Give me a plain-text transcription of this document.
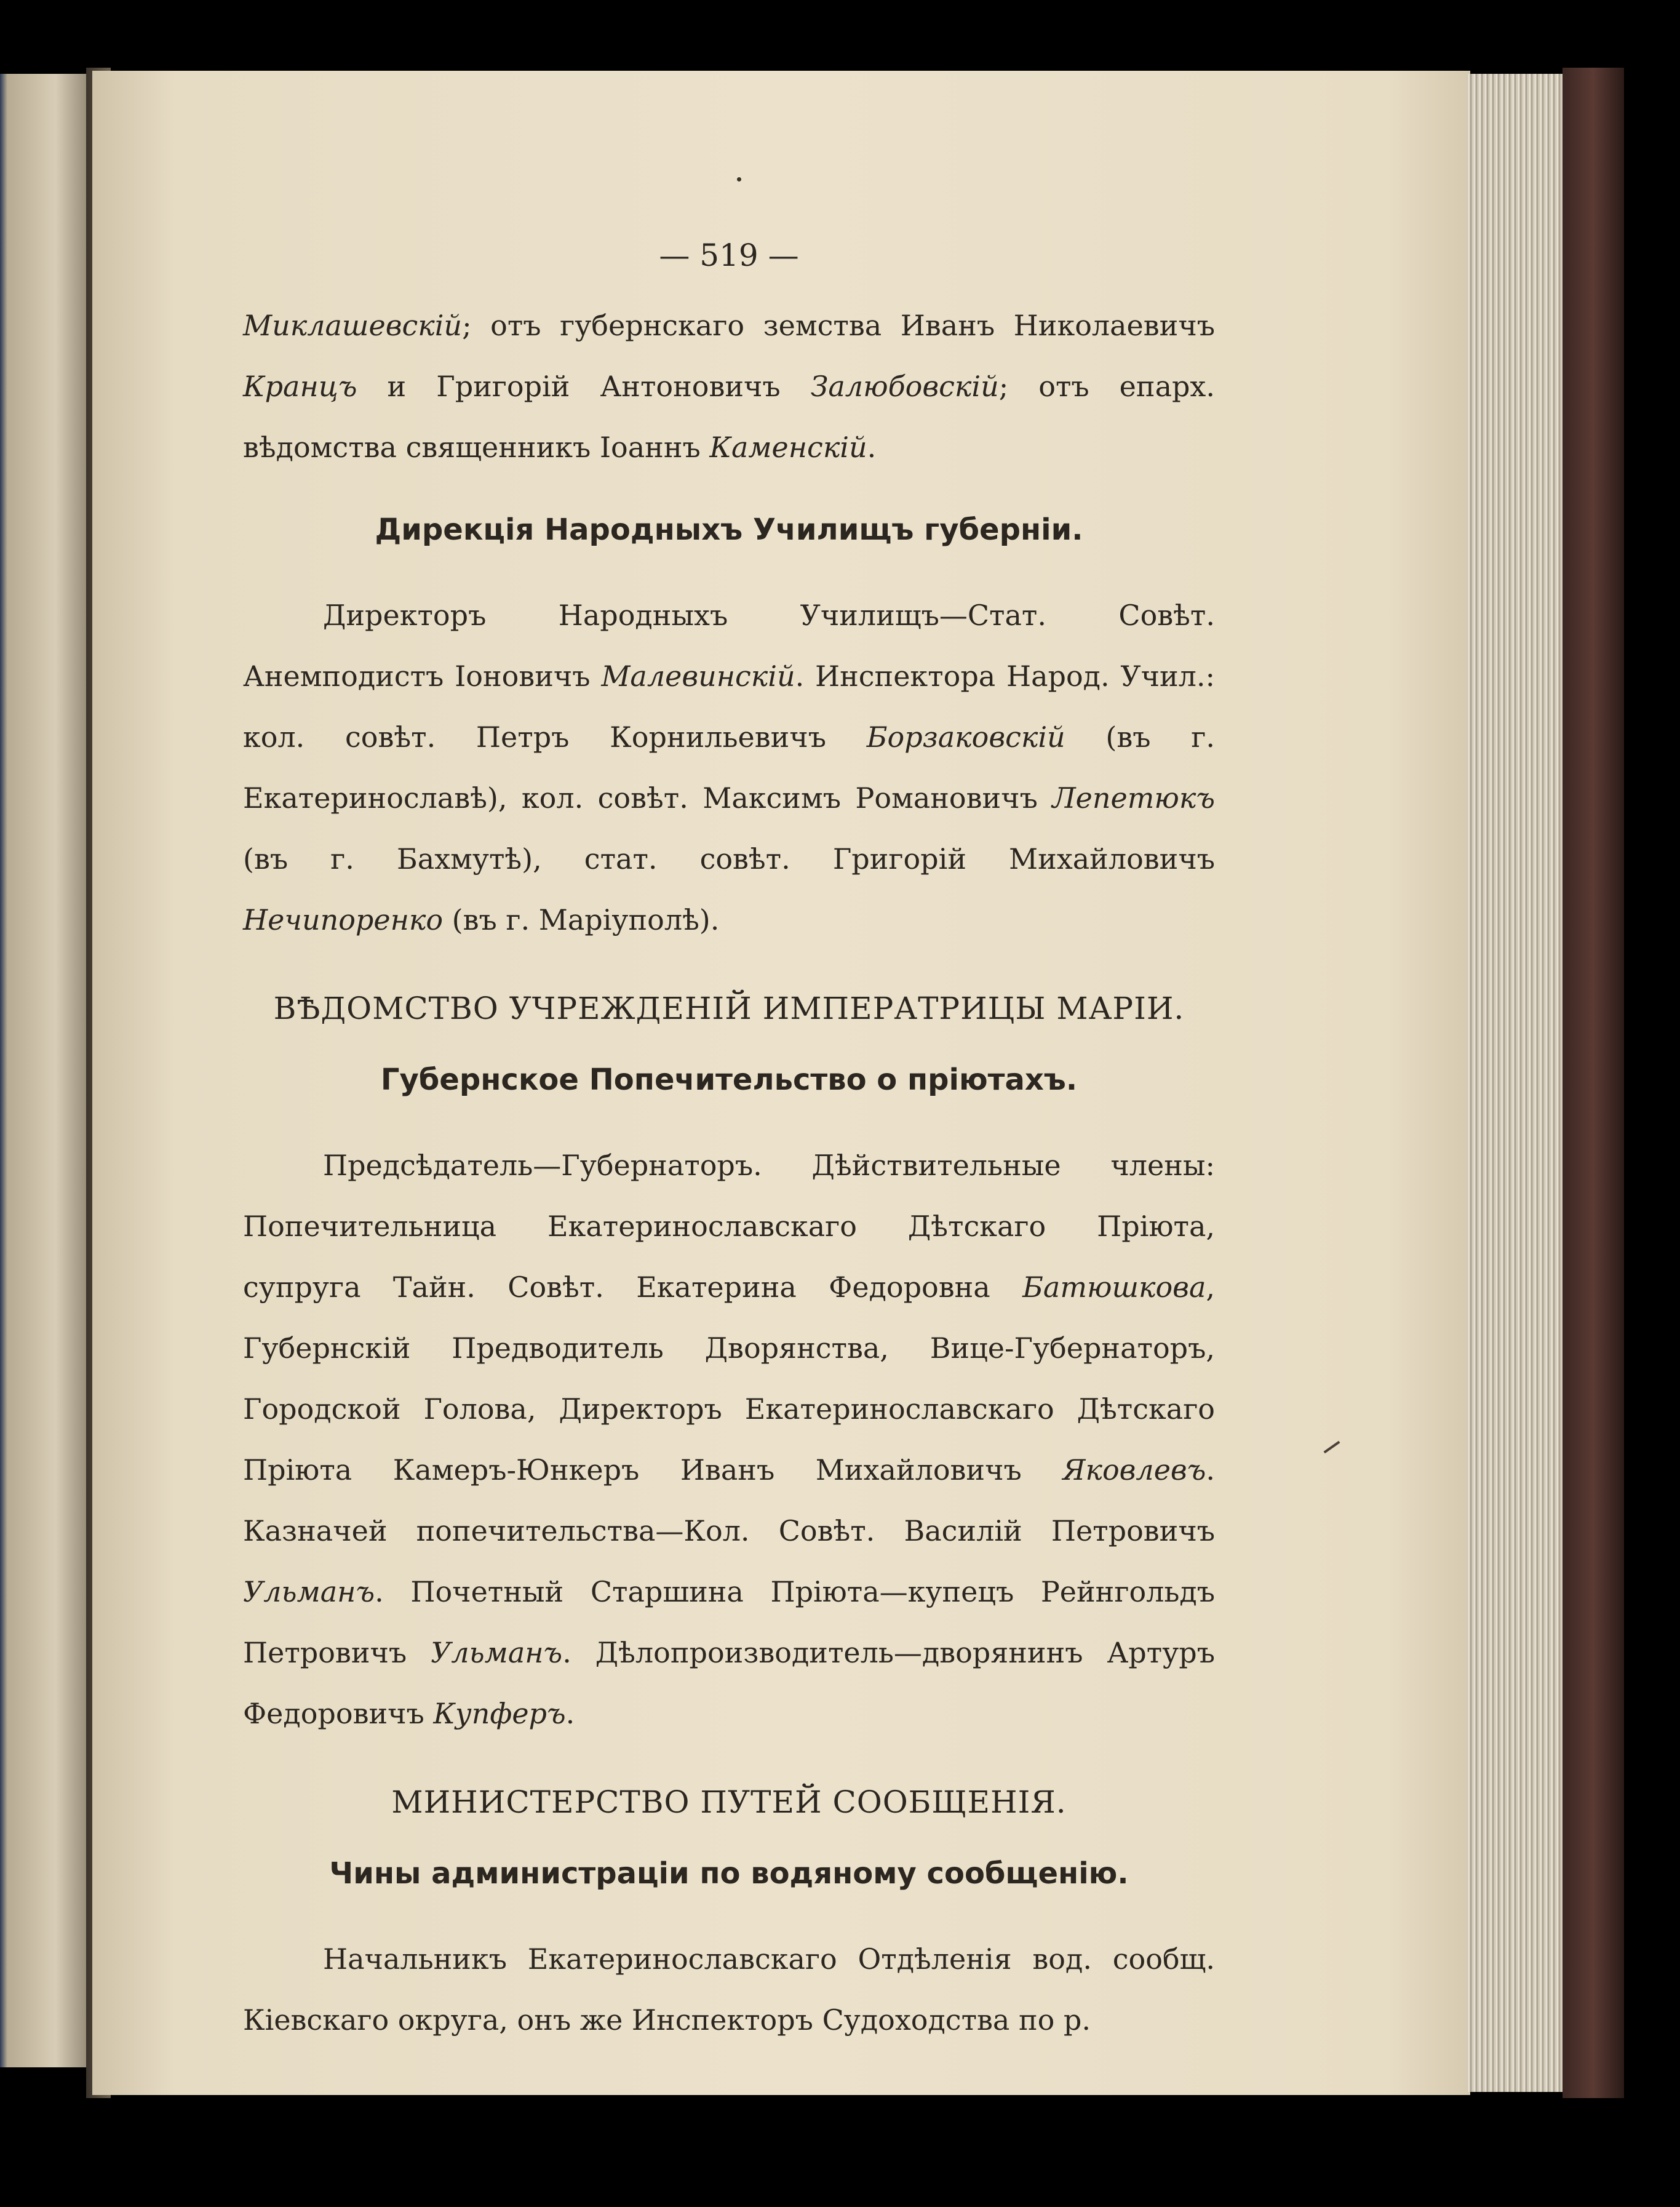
— 519 —

Миклашевскій; отъ губернскаго земства Иванъ Николаевичъ Кранцъ и Григорій Антоновичъ Залюбовскій; отъ епарх. вѣдомства священникъ Іоаннъ Каменскій.

Дирекція Народныхъ Училищъ губерніи.

Директоръ Народныхъ Училищъ—Стат. Совѣт. Анемподистъ Іоновичъ Малевинскій. Инспектора Народ. Учил.: кол. совѣт. Петръ Корнильевичъ Борзаковскій (въ г. Екатеринославѣ), кол. совѣт. Максимъ Романовичъ Лепетюкъ (въ г. Бахмутѣ), стат. совѣт. Григорій Михайловичъ Нечипоренко (въ г. Маріуполѣ).

ВѢДОМСТВО УЧРЕЖДЕНІЙ ИМПЕРАТРИЦЫ МАРІИ.
Губернское Попечительство о пріютахъ.

Предсѣдатель—Губернаторъ. Дѣйствительные члены: Попечительница Екатеринославскаго Дѣтскаго Пріюта, супруга Тайн. Совѣт. Екатерина Федоровна Батюшкова, Губернскій Предводитель Дворянства, Вице-Губернаторъ, Городской Голова, Директоръ Екатеринославскаго Дѣтскаго Пріюта Камеръ-Юнкеръ Иванъ Михайловичъ Яковлевъ. Казначей попечительства—Кол. Совѣт. Василій Петровичъ Ульманъ. Почетный Старшина Пріюта—купецъ Рейнгольдъ Петровичъ Ульманъ. Дѣлопроизводитель—дворянинъ Артуръ Федоровичъ Купферъ.

МИНИСТЕРСТВО ПУТЕЙ СООБЩЕНІЯ.
Чины администраціи по водяному сообщенію.

Начальникъ Екатеринославскаго Отдѣленія вод. сообщ. Кіевскаго округа, онъ же Инспекторъ Судоходства по р.
